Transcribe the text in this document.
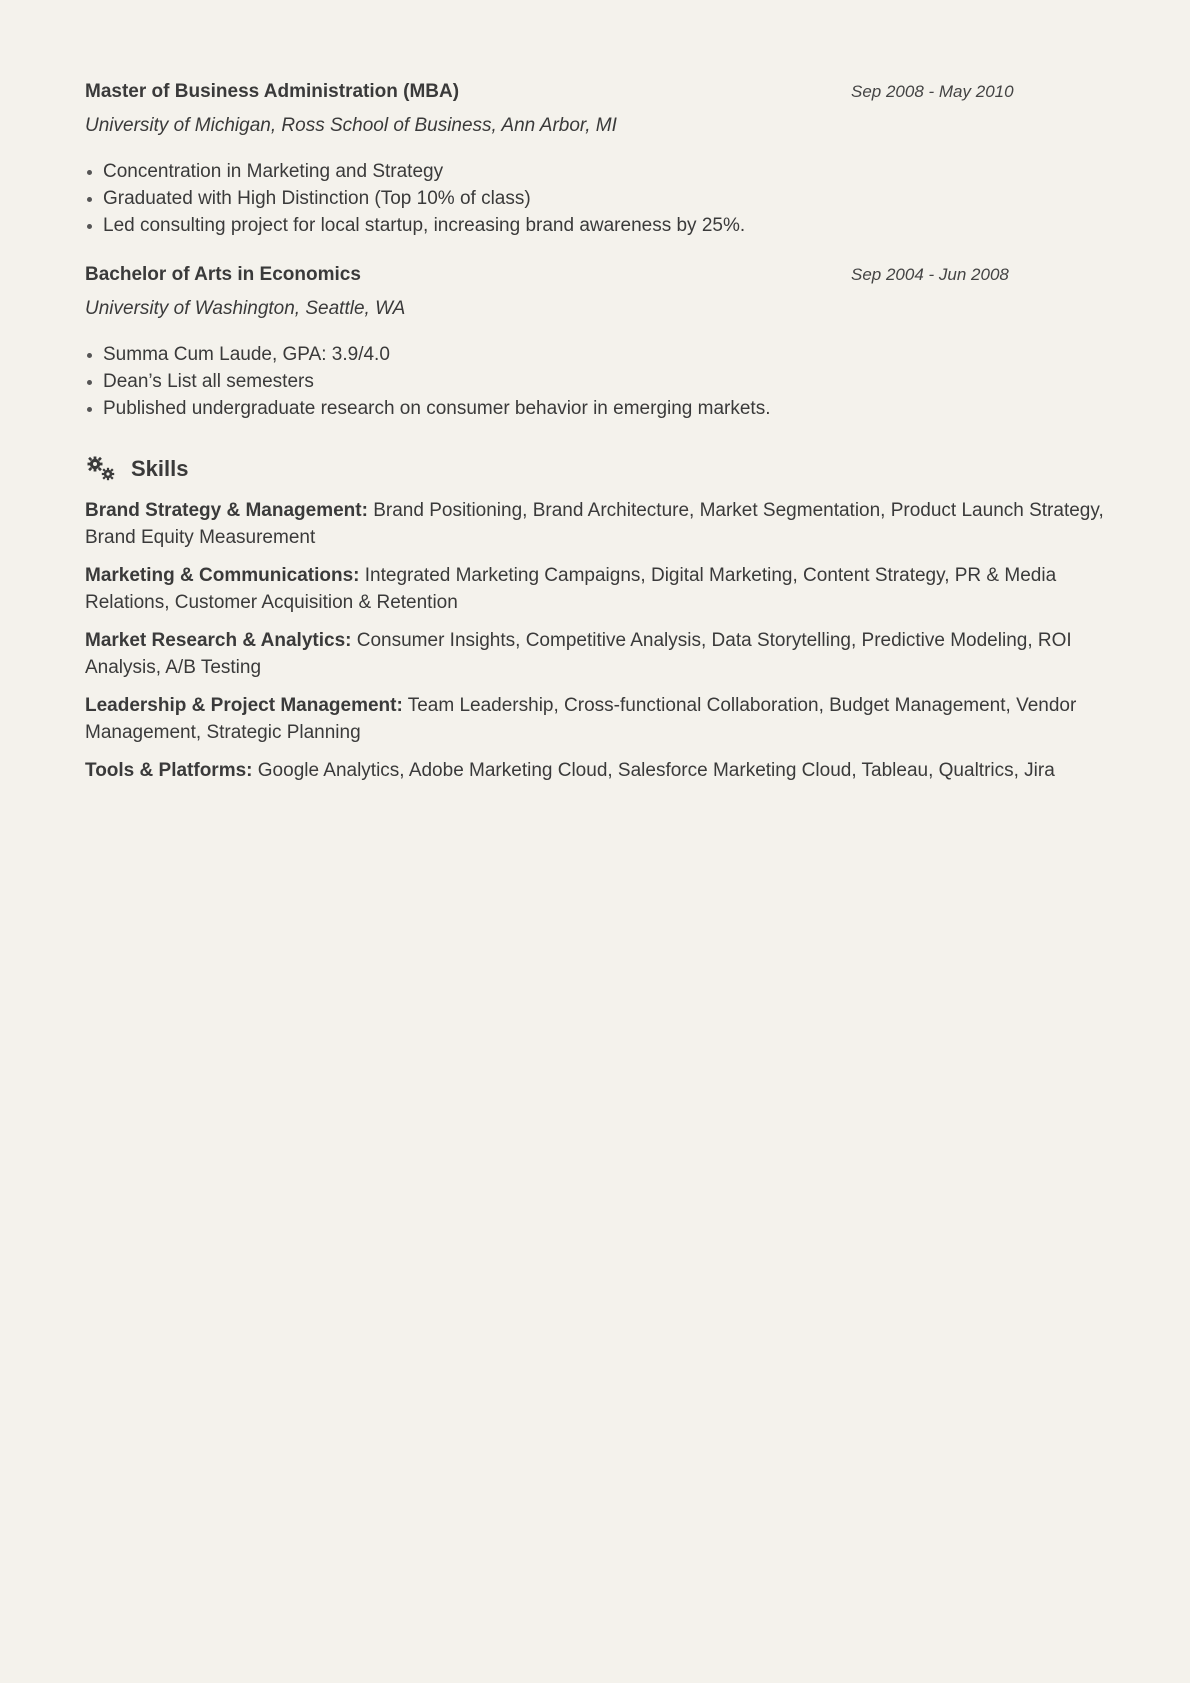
Master of Business Administration (MBA)	Sep 2008 - May 2010
University of Michigan, Ross School of Business, Ann Arbor, MI
Concentration in Marketing and Strategy
Graduated with High Distinction (Top 10% of class)
Led consulting project for local startup, increasing brand awareness by 25%.
Bachelor of Arts in Economics	Sep 2004 - Jun 2008
University of Washington, Seattle, WA
Summa Cum Laude, GPA: 3.9/4.0
Dean’s List all semesters
Published undergraduate research on consumer behavior in emerging markets.
Skills
Brand Strategy & Management: Brand Positioning, Brand Architecture, Market Segmentation, Product Launch Strategy, Brand Equity Measurement
Marketing & Communications: Integrated Marketing Campaigns, Digital Marketing, Content Strategy, PR & Media Relations, Customer Acquisition & Retention
Market Research & Analytics: Consumer Insights, Competitive Analysis, Data Storytelling, Predictive Modeling, ROI Analysis, A/B Testing
Leadership & Project Management: Team Leadership, Cross-functional Collaboration, Budget Management, Vendor Management, Strategic Planning
Tools & Platforms: Google Analytics, Adobe Marketing Cloud, Salesforce Marketing Cloud, Tableau, Qualtrics, Jira
